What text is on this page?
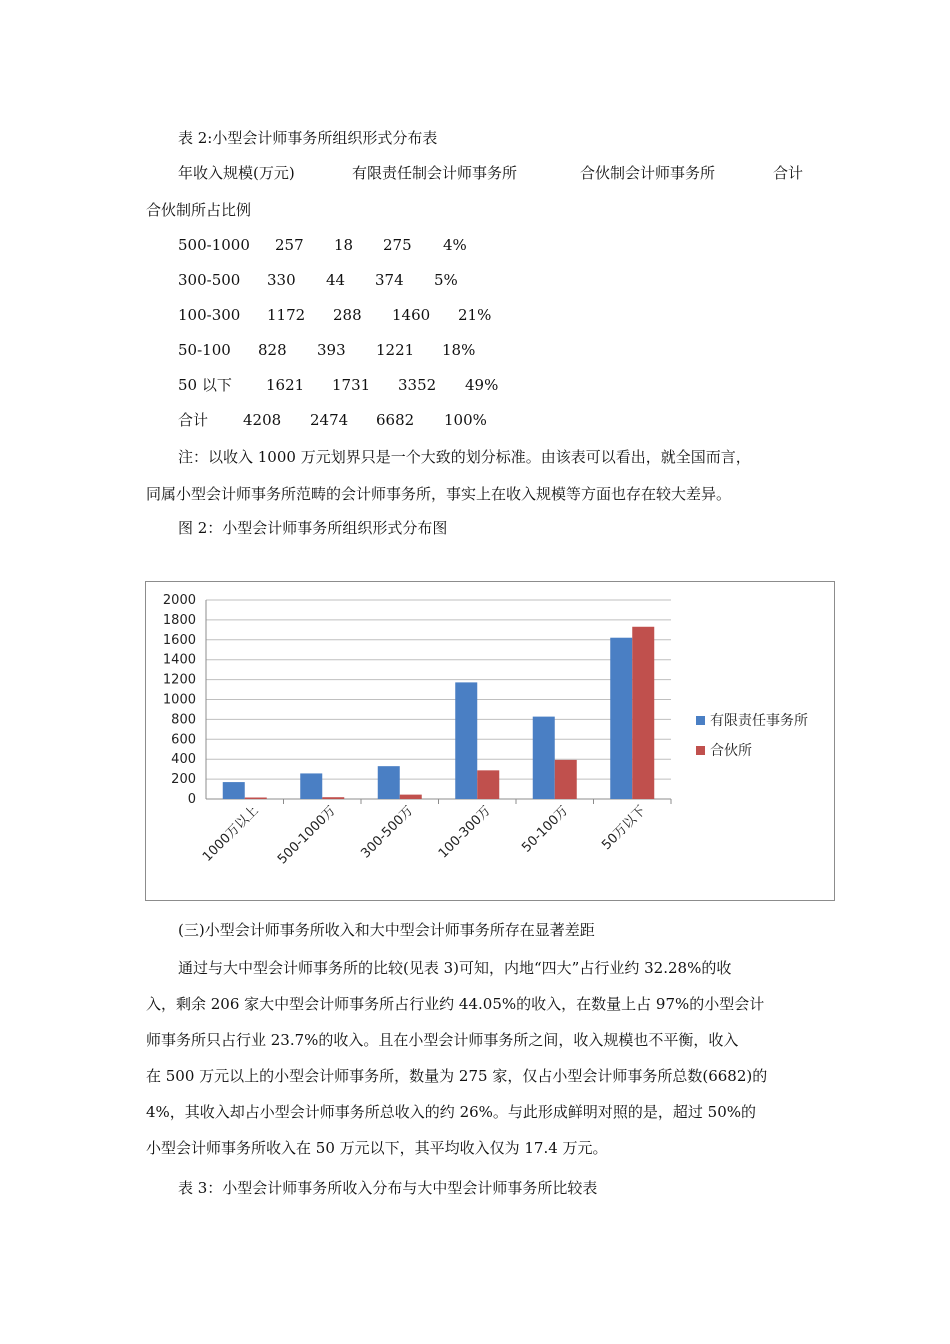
表 2:小型会计师事务所组织形式分布表
年收入规模(万元)	有限责任制会计师事务所	合伙制会计师事务所	合计
合伙制所占比例
500-1000 257 18 275 4%
300-500 330 44 374 5%
100-300 1172 288 1460 21%
50-100 828 393 1221 18%
50 以下 1621 1731 3352 49%
合计 4208 2474 6682 100%
注：以收入 1000 万元划界只是一个大致的划分标准。由该表可以看出，就全国而言，
同属小型会计师事务所范畴的会计师事务所，事实上在收入规模等方面也存在较大差异。
图 2：小型会计师事务所组织形式分布图
0
200
400
600
800
1000
1200
1400
1600
1800
2000
1000万以上 500-1000万 300-500万 100-300万 50-100万 50万以下
有限责任事务所
合伙所
(三)小型会计师事务所收入和大中型会计师事务所存在显著差距
通过与大中型会计师事务所的比较(见表 3)可知，内地“四大”占行业约 32.28%的收
入，剩余 206 家大中型会计师事务所占行业约 44.05%的收入，在数量上占 97%的小型会计
师事务所只占行业 23.7%的收入。且在小型会计师事务所之间，收入规模也不平衡，收入
在 500 万元以上的小型会计师事务所，数量为 275 家，仅占小型会计师事务所总数(6682)的
4%，其收入却占小型会计师事务所总收入的约 26%。与此形成鲜明对照的是，超过 50%的
小型会计师事务所收入在 50 万元以下，其平均收入仅为 17.4 万元。
表 3：小型会计师事务所收入分布与大中型会计师事务所比较表
